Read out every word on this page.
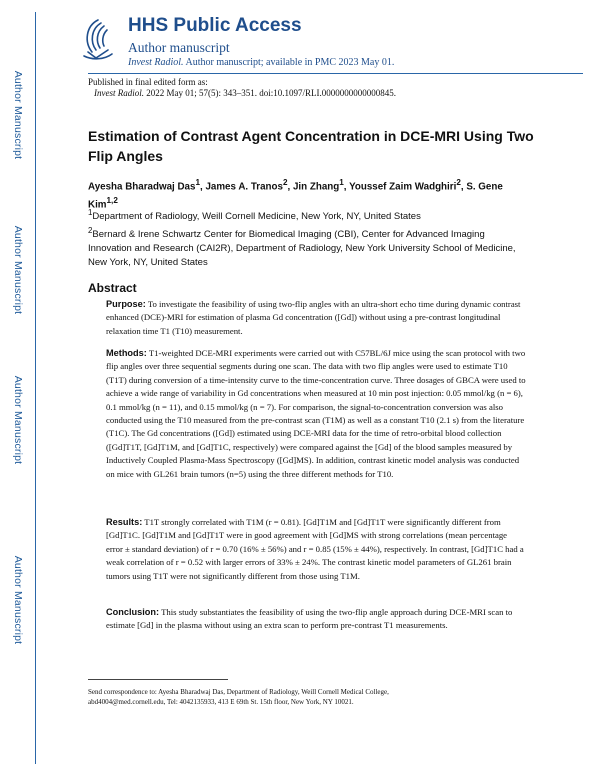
Author Manuscript
Author Manuscript
Author Manuscript
Author Manuscript
HHS Public Access
Author manuscript
Invest Radiol. Author manuscript; available in PMC 2023 May 01.
Published in final edited form as:
Invest Radiol. 2022 May 01; 57(5): 343–351. doi:10.1097/RLI.0000000000000845.
Estimation of Contrast Agent Concentration in DCE-MRI Using Two Flip Angles
Ayesha Bharadwaj Das$^1$, James A. Tranos$^2$, Jin Zhang$^1$, Youssef Zaim Wadghiri$^2$, S. Gene
Kim$^{1,2}$
$^1$Department of Radiology, Weill Cornell Medicine, New York, NY, United States
$^2$Bernard & Irene Schwartz Center for Biomedical Imaging (CBI), Center for Advanced Imaging Innovation and Research (CAI2R), Department of Radiology, New York University School of Medicine, New York, NY, United States
Abstract
Purpose: To investigate the feasibility of using two-flip angles with an ultra-short echo time during dynamic contrast enhanced (DCE)-MRI for estimation of plasma Gd concentration ([Gd]) without using a pre-contrast longitudinal relaxation time T1 (T10) measurement.
Methods: T1-weighted DCE-MRI experiments were carried out with C57BL/6J mice using the scan protocol with two flip angles over three sequential segments during one scan. The data with two flip angles were used to estimate T10 (T1T) during conversion of a time-intensity curve to the time-concentration curve. Three dosages of GBCA were used to achieve a wide range of variability in Gd concentrations when measured at 10 min post injection: 0.05 mmol/kg (n = 6), 0.1 mmol/kg (n = 11), and 0.15 mmol/kg (n = 7). For comparison, the signal-to-concentration conversion was also conducted using the T10 measured from the pre-contrast scan (T1M) as well as a constant T10 (2.1 s) from the literature (T1C). The Gd concentrations ([Gd]) estimated using DCE-MRI data for the time of retro-orbital blood collection ([Gd]T1T, [Gd]T1M, and [Gd]T1C, respectively) were compared against the [Gd] of the blood samples measured by Inductively Coupled Plasma-Mass Spectroscopy ([Gd]MS). In addition, contrast kinetic model analysis was conducted on mice with GL261 brain tumors (n=5) using the three different methods for T10.
Results: T1T strongly correlated with T1M (r = 0.81). [Gd]T1M and [Gd]T1T were significantly different from [Gd]T1C. [Gd]T1M and [Gd]T1T were in good agreement with [Gd]MS with strong correlations (mean percentage error ± standard deviation) of r = 0.70 (16% ± 56%) and r = 0.85 (15% ± 44%), respectively. In contrast, [Gd]T1C had a weak correlation of r = 0.52 with larger errors of 33% ± 24%. The contrast kinetic model parameters of GL261 brain tumors using T1T were not significantly different from those using T1M.
Conclusion: This study substantiates the feasibility of using the two-flip angle approach during DCE-MRI scan to estimate [Gd] in the plasma without using an extra scan to perform pre-contrast T1 measurements.
Send correspondence to: Ayesha Bharadwaj Das, Department of Radiology, Weill Cornell Medical College,
abd4004@med.cornell.edu, Tel: 4042135933, 413 E 69th St. 15th floor, New York, NY 10021.
